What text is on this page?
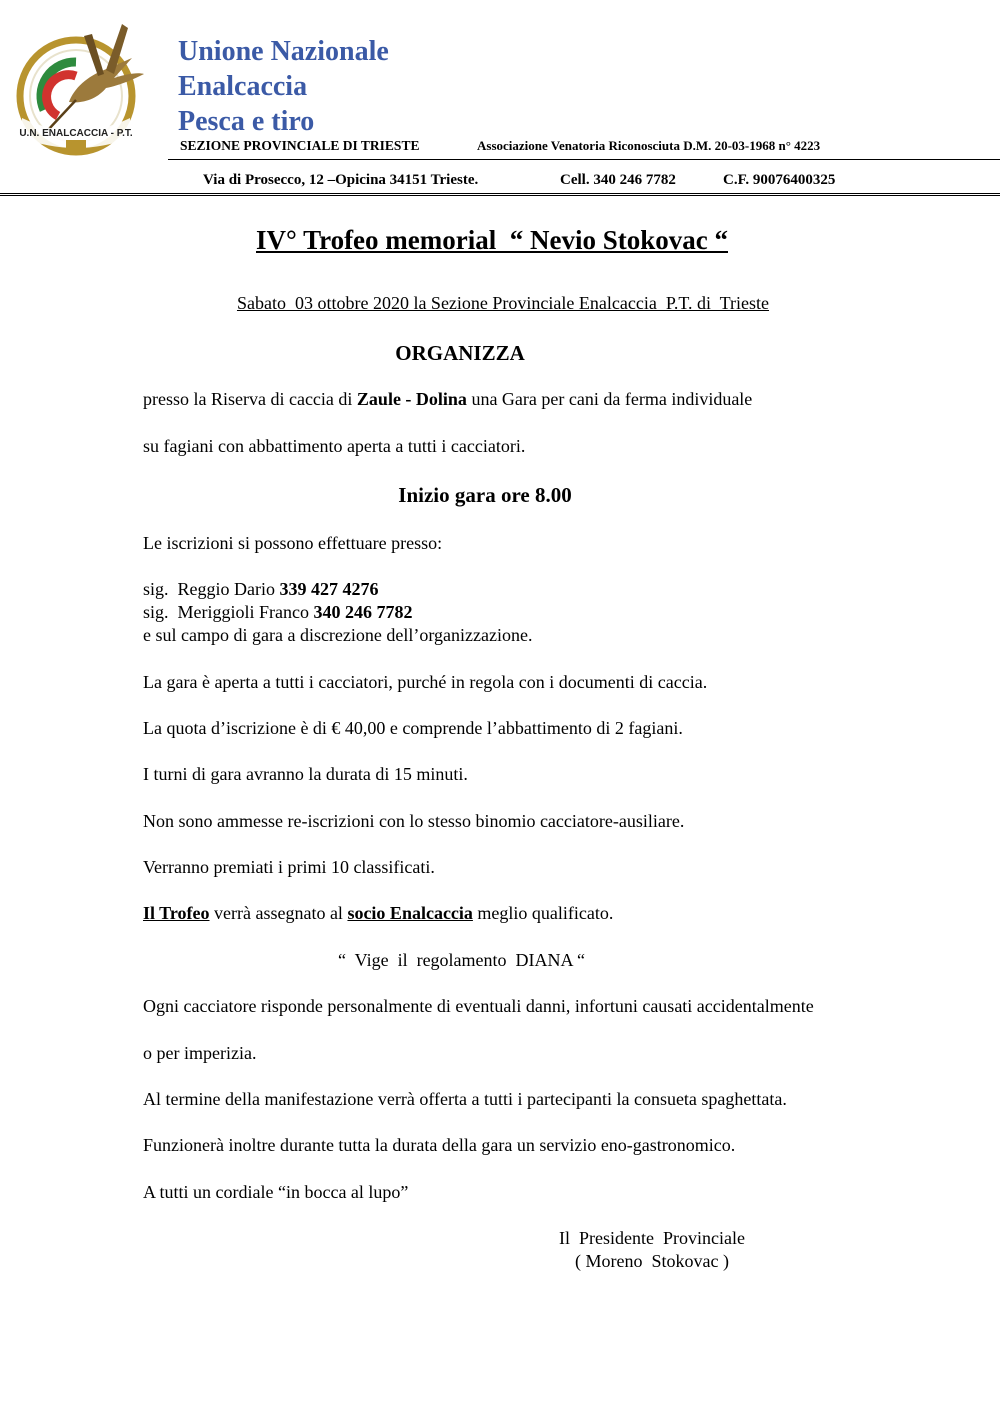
U.N. ENALCACCIA - P.T.
Unione Nazionale
Enalcaccia
Pesca e tiro
SEZIONE PROVINCIALE DI TRIESTE	Associazione Venatoria Riconosciuta D.M. 20-03-1968 n° 4223
Via di Prosecco, 12 –Opicina 34151 Trieste.	Cell. 340 246 7782	C.F. 90076400325
IV° Trofeo memorial  “ Nevio Stokovac “
Sabato  03 ottobre 2020 la Sezione Provinciale Enalcaccia  P.T. di  Trieste
ORGANIZZA
presso la Riserva di caccia di Zaule - Dolina una Gara per cani da ferma individuale
su fagiani con abbattimento aperta a tutti i cacciatori.
Inizio gara ore 8.00
Le iscrizioni si possono effettuare presso:
sig.  Reggio Dario 339 427 4276
sig.  Meriggioli Franco 340 246 7782
e sul campo di gara a discrezione dell’organizzazione.
La gara è aperta a tutti i cacciatori, purché in regola con i documenti di caccia.
La quota d’iscrizione è di € 40,00 e comprende l’abbattimento di 2 fagiani.
I turni di gara avranno la durata di 15 minuti.
Non sono ammesse re-iscrizioni con lo stesso binomio cacciatore-ausiliare.
Verranno premiati i primi 10 classificati.
Il Trofeo verrà assegnato al socio Enalcaccia meglio qualificato.
“  Vige  il  regolamento  DIANA “
Ogni cacciatore risponde personalmente di eventuali danni, infortuni causati accidentalmente
o per imperizia.
Al termine della manifestazione verrà offerta a tutti i partecipanti la consueta spaghettata.
Funzionerà inoltre durante tutta la durata della gara un servizio eno-gastronomico.
A tutti un cordiale “in bocca al lupo”
Il  Presidente  Provinciale
( Moreno  Stokovac )
